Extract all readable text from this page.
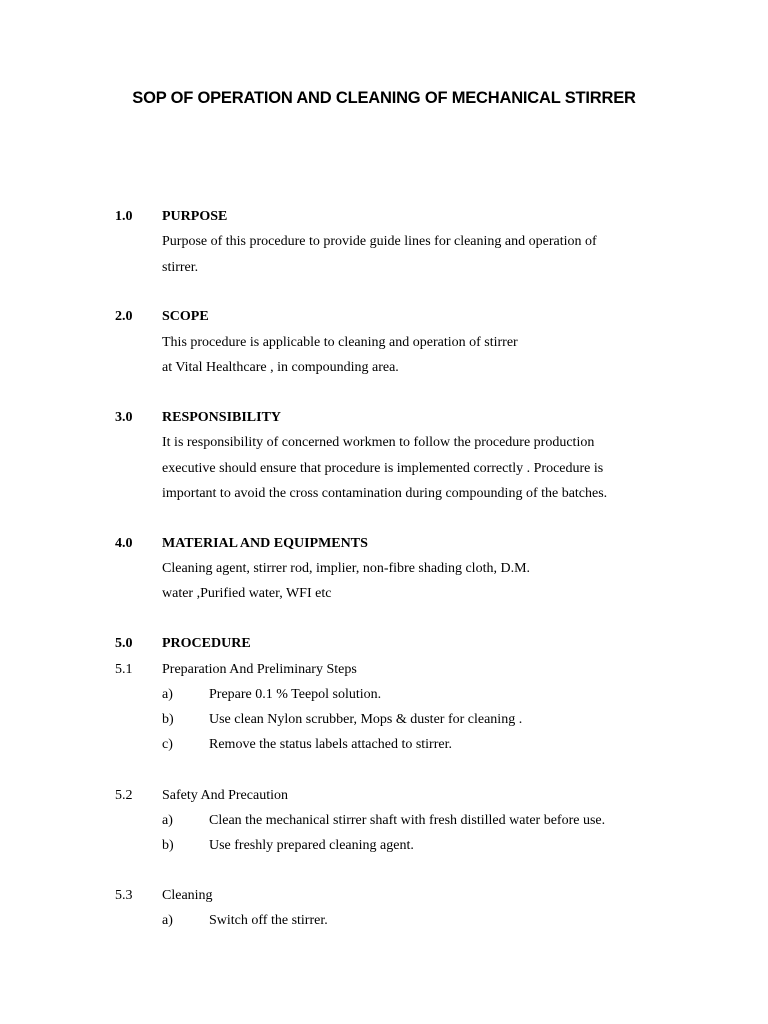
SOP OF OPERATION AND CLEANING OF MECHANICAL STIRRER
1.0 PURPOSE
Purpose of this procedure to provide guide lines for cleaning and operation of
stirrer.
2.0 SCOPE
This procedure is applicable to cleaning and operation of stirrer
at Vital Healthcare , in compounding area.
3.0 RESPONSIBILITY
It is responsibility of concerned workmen to follow the procedure production
executive should ensure that procedure is implemented correctly . Procedure is
important to avoid the cross contamination during compounding of the batches.
4.0 MATERIAL AND EQUIPMENTS
Cleaning agent, stirrer rod, implier, non-fibre shading cloth, D.M.
water ,Purified water, WFI etc
5.0 PROCEDURE
5.1 Preparation And Preliminary Steps
a)	Prepare 0.1 % Teepol solution.
b)	Use clean Nylon scrubber, Mops & duster for cleaning .
c)	Remove the status labels attached to stirrer.
5.2 Safety And Precaution
a)	Clean the mechanical stirrer shaft with fresh distilled water before use.
b)	Use freshly prepared cleaning agent.
5.3 Cleaning
a)	Switch off the stirrer.
